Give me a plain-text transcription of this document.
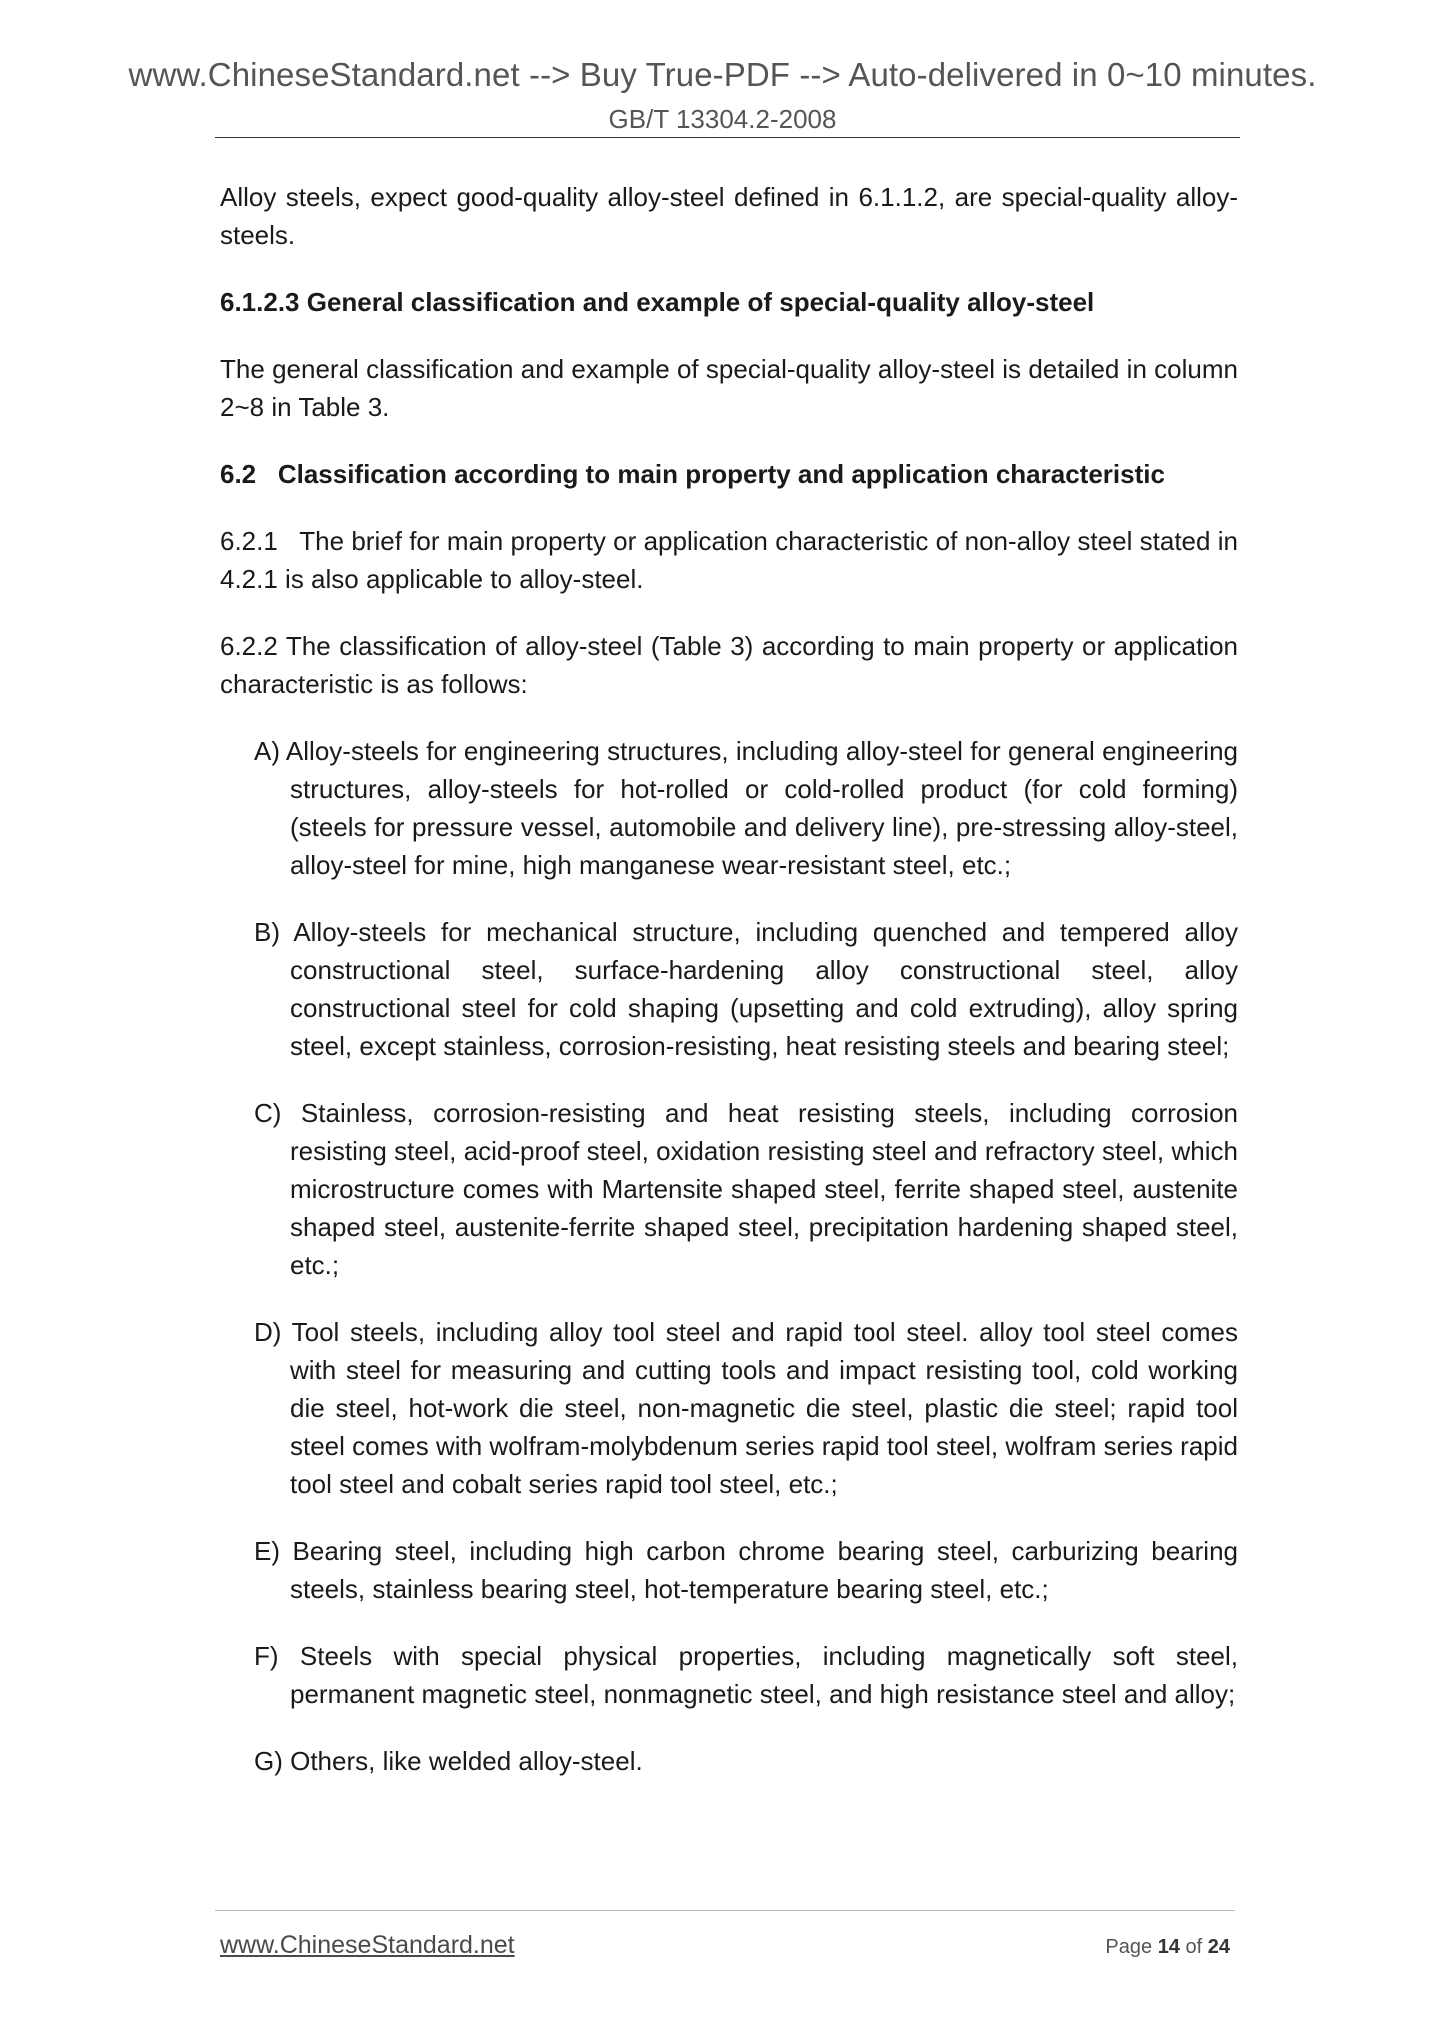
www.ChineseStandard.net --> Buy True-PDF --> Auto-delivered in 0~10 minutes.
GB/T 13304.2-2008

Alloy steels, expect good-quality alloy-steel defined in 6.1.1.2, are special-quality alloy-steels.

6.1.2.3 General classification and example of special-quality alloy-steel

The general classification and example of special-quality alloy-steel is detailed in column 2~8 in Table 3.

6.2   Classification according to main property and application characteristic

6.2.1   The brief for main property or application characteristic of non-alloy steel stated in 4.2.1 is also applicable to alloy-steel.

6.2.2 The classification of alloy-steel (Table 3) according to main property or application characteristic is as follows:

A) Alloy-steels for engineering structures, including alloy-steel for general engineering structures, alloy-steels for hot-rolled or cold-rolled product (for cold forming) (steels for pressure vessel, automobile and delivery line), pre-stressing alloy-steel, alloy-steel for mine, high manganese wear-resistant steel, etc.;

B) Alloy-steels for mechanical structure, including quenched and tempered alloy constructional steel, surface-hardening alloy constructional steel, alloy constructional steel for cold shaping (upsetting and cold extruding), alloy spring steel, except stainless, corrosion-resisting, heat resisting steels and bearing steel;

C) Stainless, corrosion-resisting and heat resisting steels, including corrosion resisting steel, acid-proof steel, oxidation resisting steel and refractory steel, which microstructure comes with Martensite shaped steel, ferrite shaped steel, austenite shaped steel, austenite-ferrite shaped steel, precipitation hardening shaped steel, etc.;

D) Tool steels, including alloy tool steel and rapid tool steel. alloy tool steel comes with steel for measuring and cutting tools and impact resisting tool, cold working die steel, hot-work die steel, non-magnetic die steel, plastic die steel; rapid tool steel comes with wolfram-molybdenum series rapid tool steel, wolfram series rapid tool steel and cobalt series rapid tool steel, etc.;

E) Bearing steel, including high carbon chrome bearing steel, carburizing bearing steels, stainless bearing steel, hot-temperature bearing steel, etc.;

F) Steels with special physical properties, including magnetically soft steel, permanent magnetic steel, nonmagnetic steel, and high resistance steel and alloy;

G) Others, like welded alloy-steel.

www.ChineseStandard.net	Page 14 of 24
